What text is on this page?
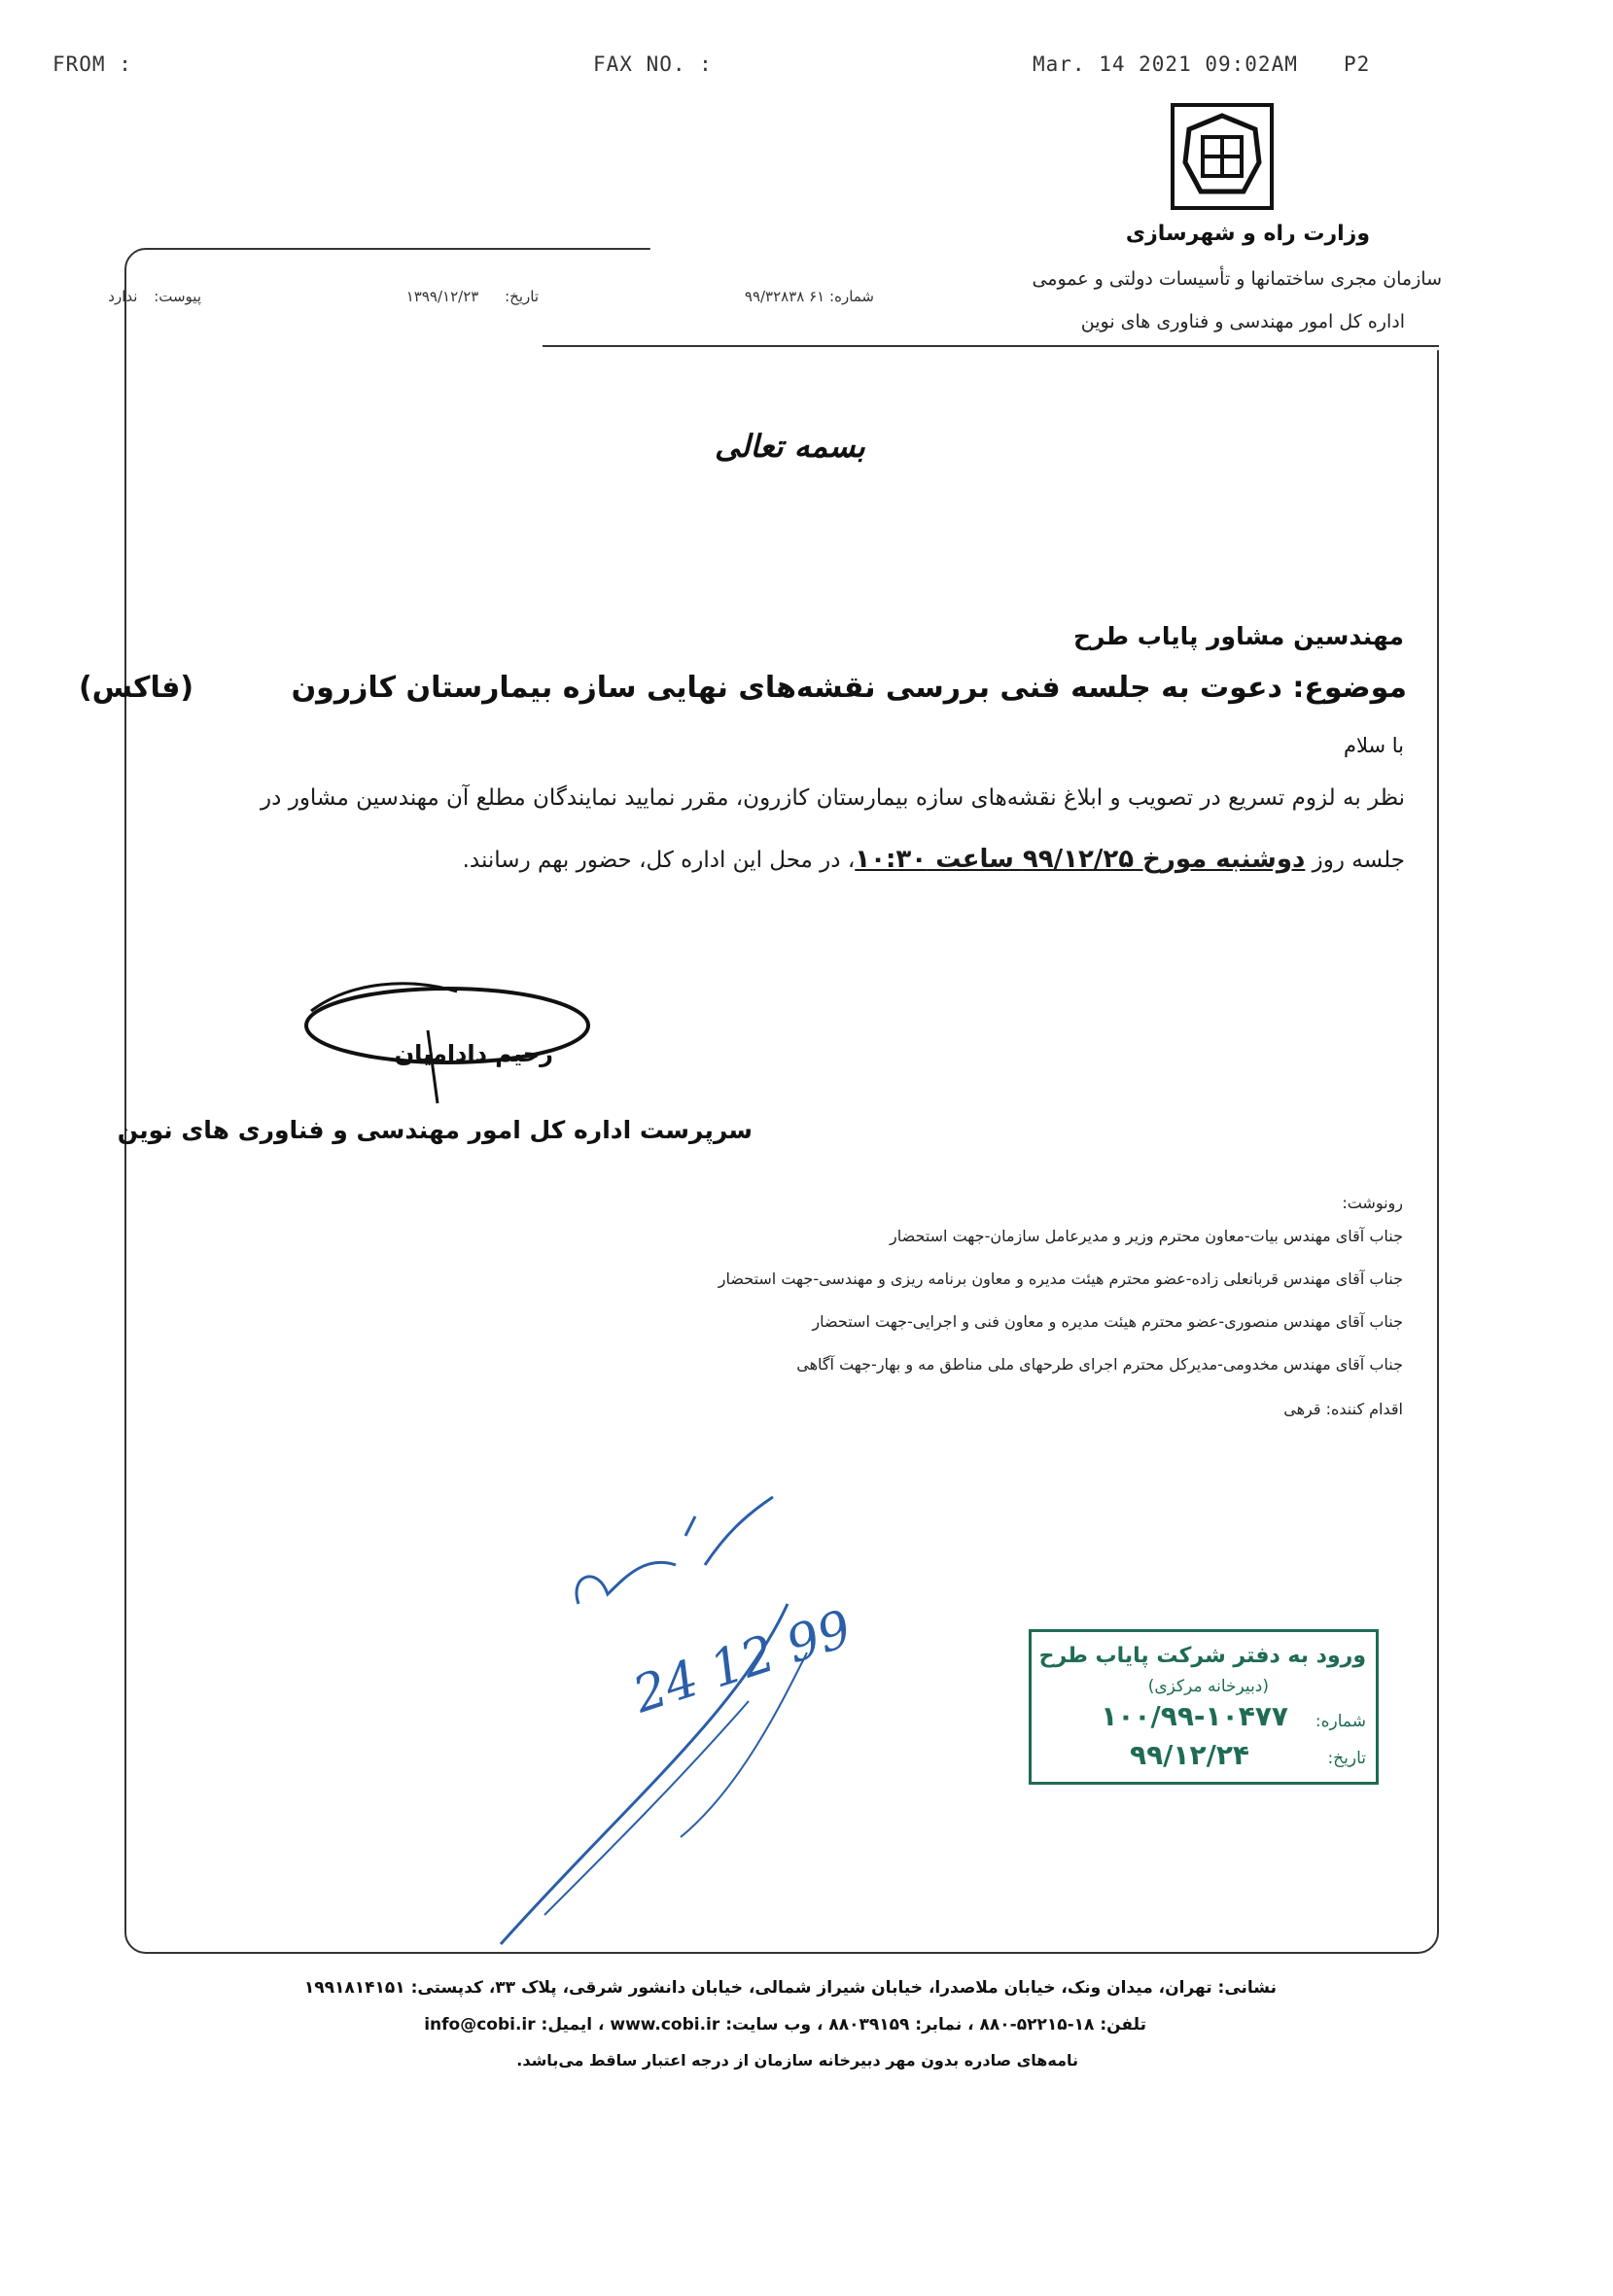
FROM :	FAX NO. :	Mar. 14 2021 09:02AM P2
وزارت راه و شهرسازی
سازمان مجری ساختمانها و تأسیسات دولتی و عمومی
اداره کل امور مهندسی و فناوری های نوین
شماره: ۶۱ ۹۹/۳۲۸۳۸
تاریخ: ۱۳۹۹/۱۲/۲۳
پیوست: ندارد
بسمه تعالی
مهندسین مشاور پایاب طرح
موضوع: دعوت به جلسه فنی بررسی نقشه‌های نهایی سازه بیمارستان کازرون (فاکس)
با سلام
نظر به لزوم تسریع در تصویب و ابلاغ نقشه‌های سازه بیمارستان کازرون، مقرر نمایید نمایندگان مطلع آن مهندسین مشاور در
جلسه روز دوشنبه مورخ ۹۹/۱۲/۲۵ ساعت ۱۰:۳۰، در محل این اداره کل، حضور بهم رسانند.
رحیم دادامیان
سرپرست اداره کل امور مهندسی و فناوری های نوین
رونوشت:
جناب آقای مهندس بیات-معاون محترم وزیر و مدیرعامل سازمان-جهت استحضار
جناب آقای مهندس قربانعلی زاده-عضو محترم هیئت مدیره و معاون برنامه ریزی و مهندسی-جهت استحضار
جناب آقای مهندس منصوری-عضو محترم هیئت مدیره و معاون فنی و اجرایی-جهت استحضار
جناب آقای مهندس مخدومی-مدیرکل محترم اجرای طرحهای ملی مناطق مه و بهار-جهت آگاهی
اقدام کننده: قرهی
24 12 99	ورود به دفتر شرکت پایاب طرح
(دبیرخانه مرکزی)
شماره:
۱۰۰/۹۹-۱۰۴۷۷
تاریخ:
۹۹/۱۲/۲۴
نشانی: تهران، میدان ونک، خیابان ملاصدرا، خیابان شیراز شمالی، خیابان دانشور شرقی، پلاک ۳۳، کدپستی: ۱۹۹۱۸۱۴۱۵۱
تلفن: ۱۸-۵۲۲۱۵-۸۸۰ ، نمابر: ۸۸۰۳۹۱۵۹ ، وب سایت: www.cobi.ir ، ایمیل: info@cobi.ir
نامه‌های صادره بدون مهر دبیرخانه سازمان از درجه اعتبار ساقط می‌باشد.
